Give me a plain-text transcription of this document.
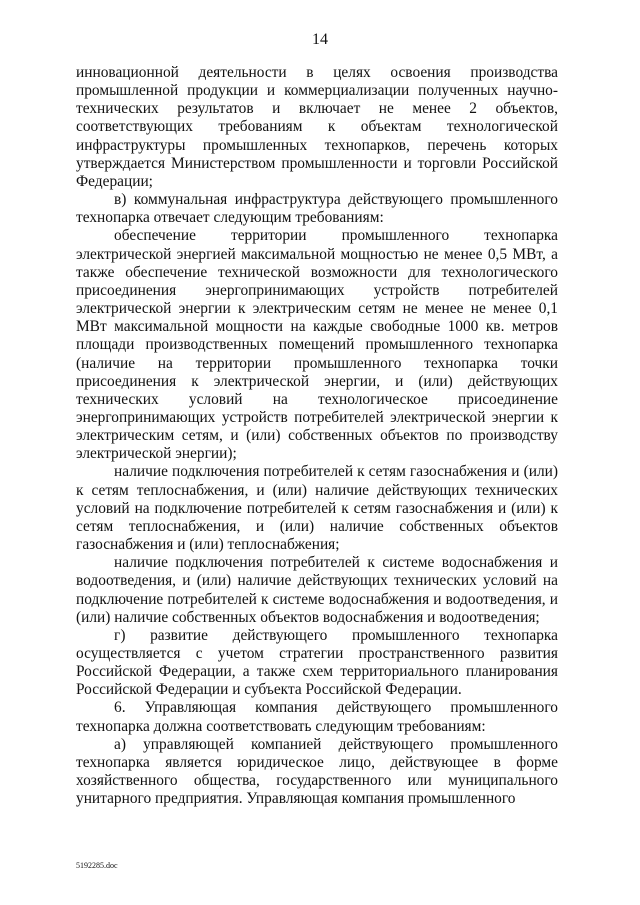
14

инновационной деятельности в целях освоения производства промышленной продукции и коммерциализации полученных научно-технических результатов и включает не менее 2 объектов, соответствующих требованиям к объектам технологической инфраструктуры промышленных технопарков, перечень которых утверждается Министерством промышленности и торговли Российской Федерации;

в) коммунальная инфраструктура действующего промышленного технопарка отвечает следующим требованиям:

обеспечение территории промышленного технопарка электрической энергией максимальной мощностью не менее 0,5 МВт, а также обеспечение технической возможности для технологического присоединения энергопринимающих устройств потребителей электрической энергии к электрическим сетям не менее не менее 0,1 МВт максимальной мощности на каждые свободные 1000 кв. метров площади производственных помещений промышленного технопарка (наличие на территории промышленного технопарка точки присоединения к электрической энергии, и (или) действующих технических условий на технологическое присоединение энергопринимающих устройств потребителей электрической энергии к электрическим сетям, и (или) собственных объектов по производству электрической энергии);

наличие подключения потребителей к сетям газоснабжения и (или) к сетям теплоснабжения, и (или) наличие действующих технических условий на подключение потребителей к сетям газоснабжения и (или) к сетям теплоснабжения, и (или) наличие собственных объектов газоснабжения и (или) теплоснабжения;

наличие подключения потребителей к системе водоснабжения и водоотведения, и (или) наличие действующих технических условий на подключение потребителей к системе водоснабжения и водоотведения, и (или) наличие собственных объектов водоснабжения и водоотведения;

г) развитие действующего промышленного технопарка осуществляется с учетом стратегии пространственного развития Российской Федерации, а также схем территориального планирования Российской Федерации и субъекта Российской Федерации.

6. Управляющая компания действующего промышленного технопарка должна соответствовать следующим требованиям:

а) управляющей компанией действующего промышленного технопарка является юридическое лицо, действующее в форме хозяйственного общества, государственного или муниципального унитарного предприятия. Управляющая компания промышленного

5192285.doc
